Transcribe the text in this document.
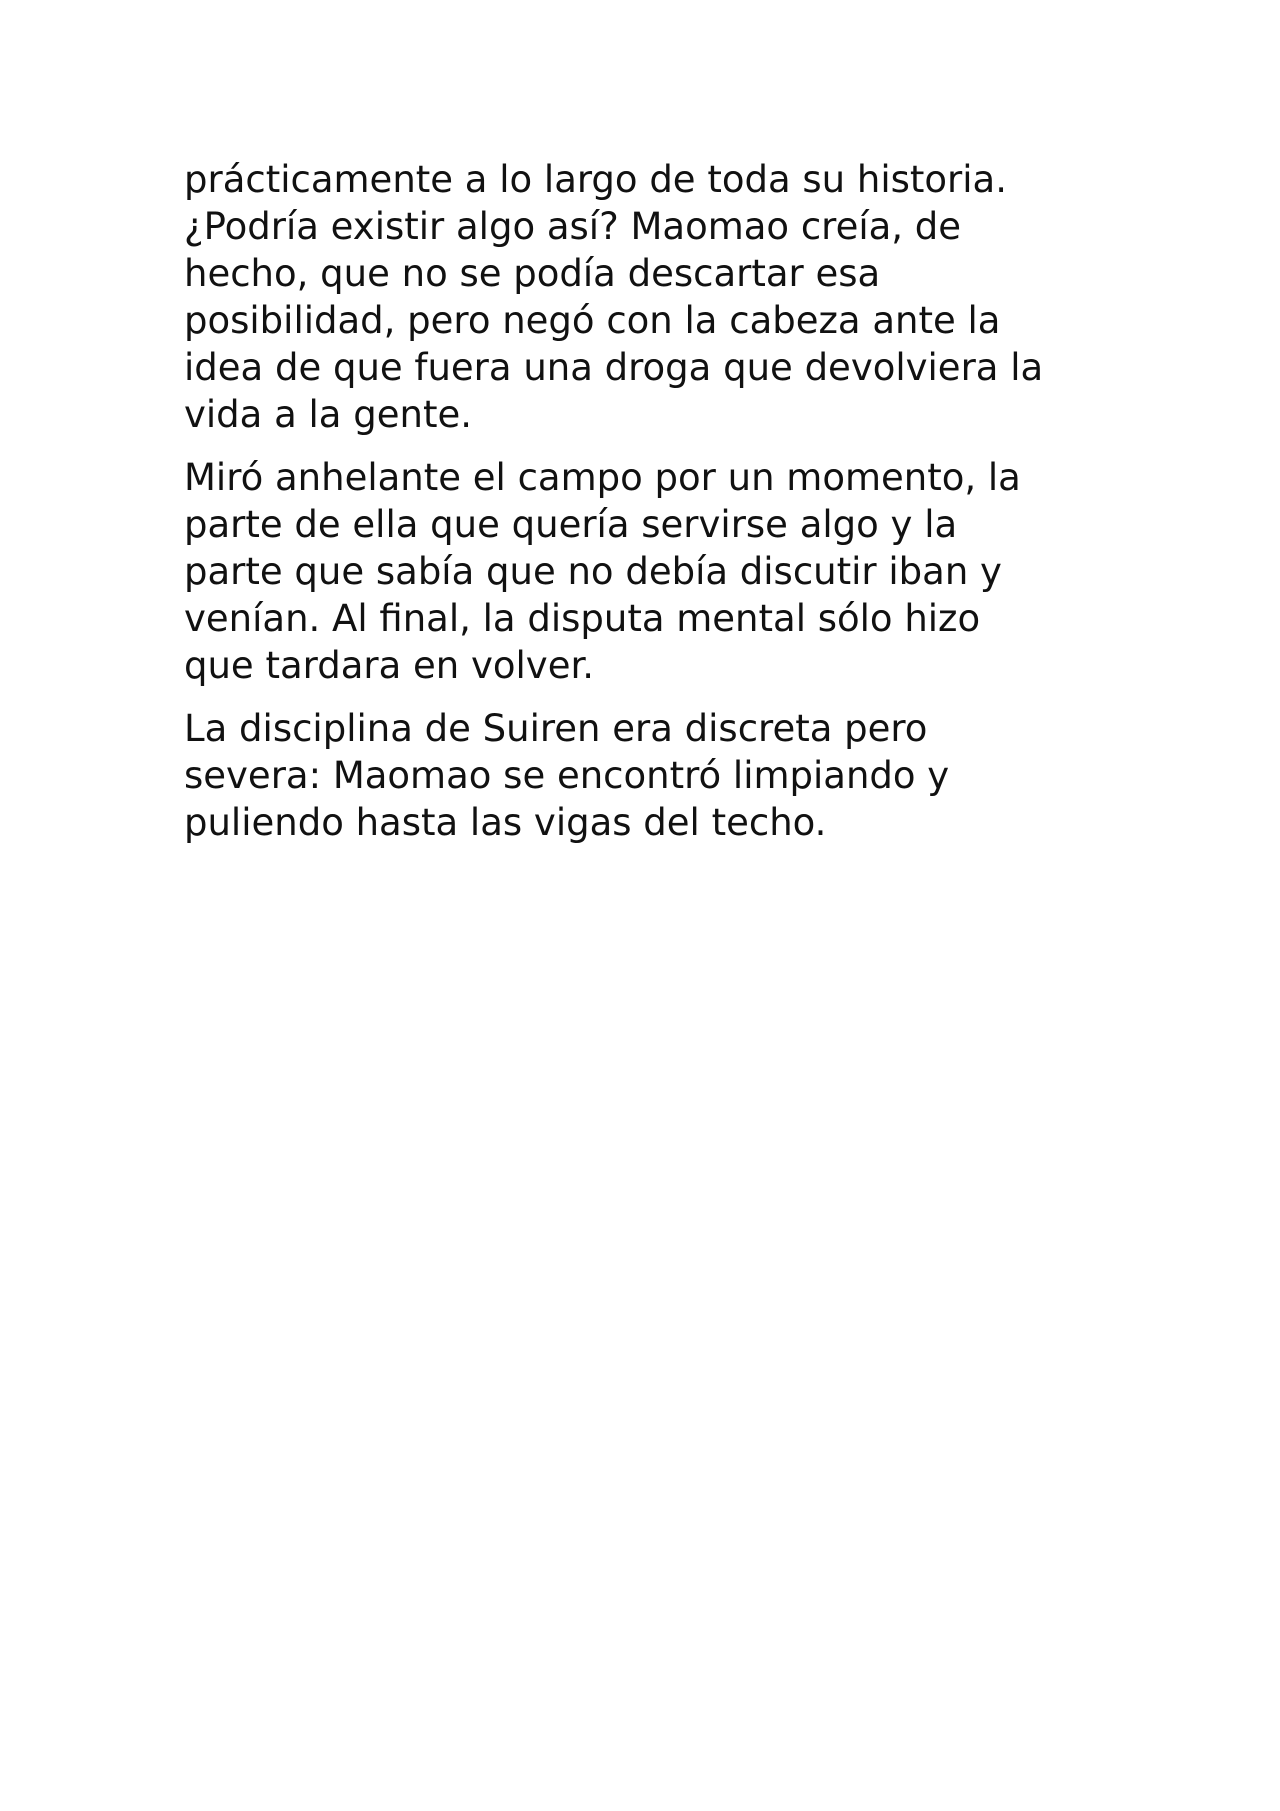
prácticamente a lo largo de toda su historia.
¿Podría existir algo así? Maomao creía, de
hecho, que no se podía descartar esa
posibilidad, pero negó con la cabeza ante la
idea de que fuera una droga que devolviera la
vida a la gente.

Miró anhelante el campo por un momento, la
parte de ella que quería servirse algo y la
parte que sabía que no debía discutir iban y
venían. Al final, la disputa mental sólo hizo
que tardara en volver.

La disciplina de Suiren era discreta pero
severa: Maomao se encontró limpiando y
puliendo hasta las vigas del techo.
